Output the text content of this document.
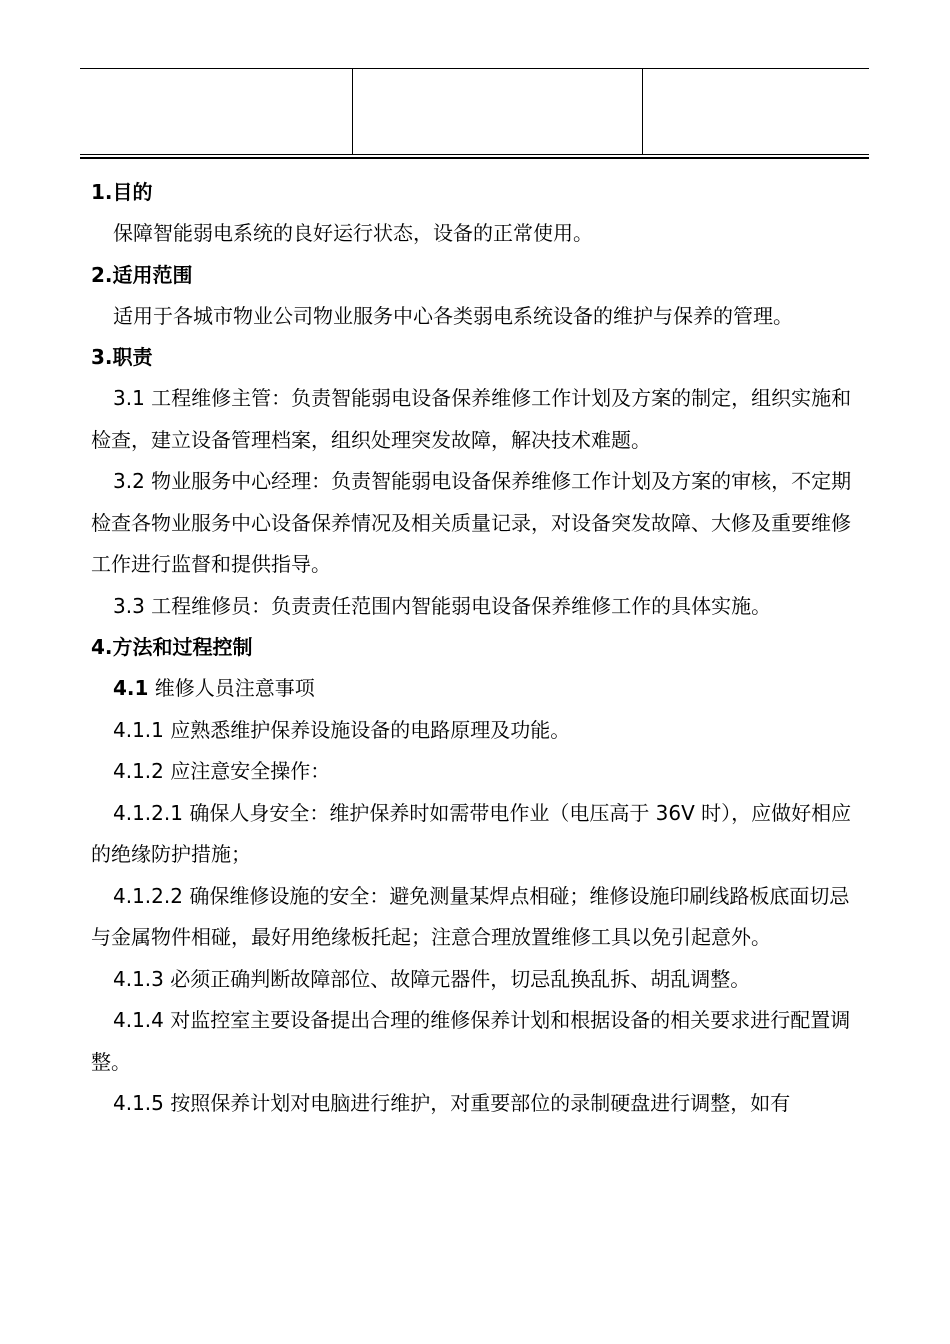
1.目的

保障智能弱电系统的良好运行状态，设备的正常使用。

2.适用范围

适用于各城市物业公司物业服务中心各类弱电系统设备的维护与保养的管理。

3.职责

3.1 工程维修主管：负责智能弱电设备保养维修工作计划及方案的制定，组织实施和检查，建立设备管理档案，组织处理突发故障，解决技术难题。

3.2 物业服务中心经理：负责智能弱电设备保养维修工作计划及方案的审核，不定期检查各物业服务中心设备保养情况及相关质量记录，对设备突发故障、大修及重要维修工作进行监督和提供指导。

3.3 工程维修员：负责责任范围内智能弱电设备保养维修工作的具体实施。

4.方法和过程控制

4.1 维修人员注意事项

4.1.1 应熟悉维护保养设施设备的电路原理及功能。

4.1.2 应注意安全操作：

4.1.2.1 确保人身安全：维护保养时如需带电作业（电压高于 36V 时），应做好相应的绝缘防护措施；

4.1.2.2 确保维修设施的安全：避免测量某焊点相碰；维修设施印刷线路板底面切忌与金属物件相碰，最好用绝缘板托起；注意合理放置维修工具以免引起意外。

4.1.3 必须正确判断故障部位、故障元器件，切忌乱换乱拆、胡乱调整。

4.1.4 对监控室主要设备提出合理的维修保养计划和根据设备的相关要求进行配置调整。

4.1.5 按照保养计划对电脑进行维护，对重要部位的录制硬盘进行调整，如有
